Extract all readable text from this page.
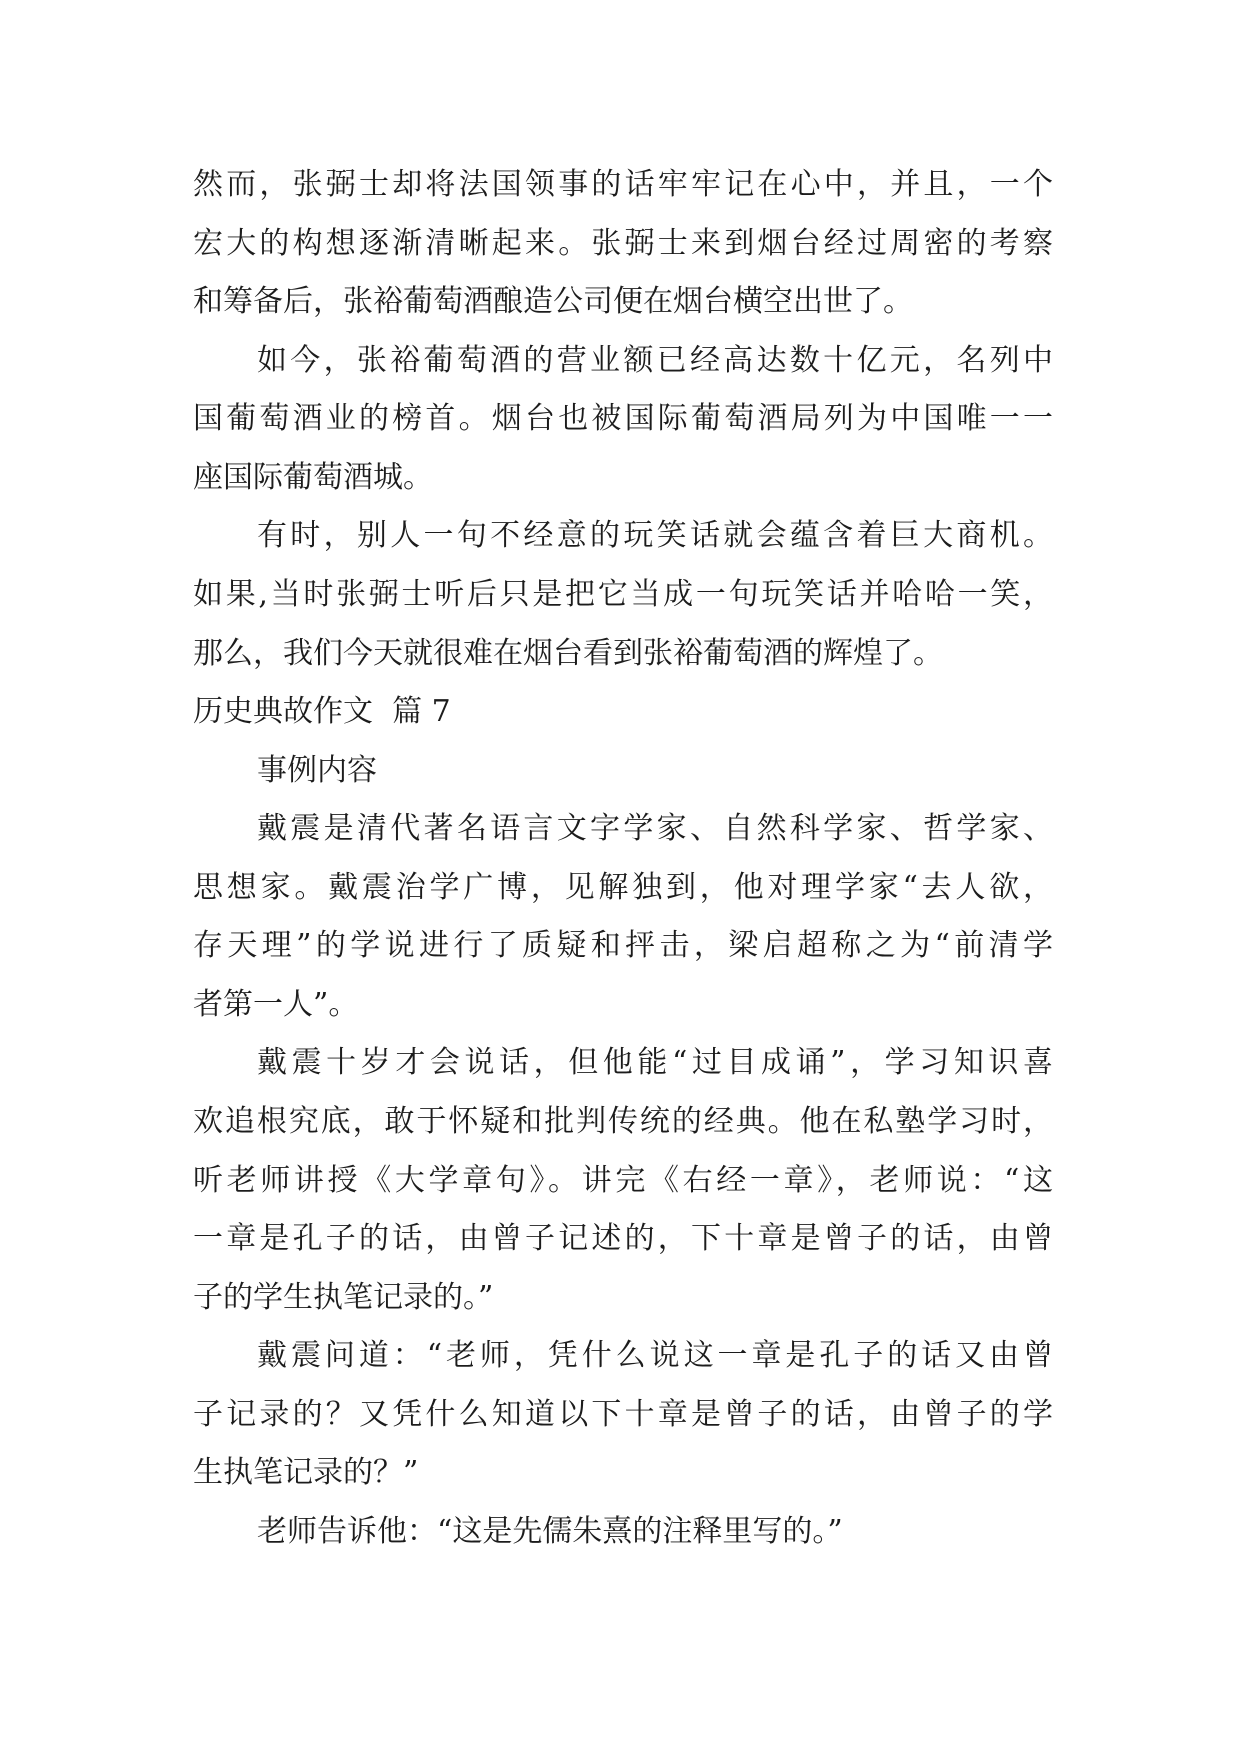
然而，张弼士却将法国领事的话牢牢记在心中，并且，一个
宏大的构想逐渐清晰起来。张弼士来到烟台经过周密的考察
和筹备后，张裕葡萄酒酿造公司便在烟台横空出世了。
如今，张裕葡萄酒的营业额已经高达数十亿元，名列中
国葡萄酒业的榜首。烟台也被国际葡萄酒局列为中国唯一一
座国际葡萄酒城。
有时，别人一句不经意的玩笑话就会蕴含着巨大商机。
如果,当时张弼士听后只是把它当成一句玩笑话并哈哈一笑，
那么，我们今天就很难在烟台看到张裕葡萄酒的辉煌了。
历史典故作文  篇 7
事例内容
戴震是清代著名语言文字学家、自然科学家、哲学家、
思想家。戴震治学广博，见解独到，他对理学家“去人欲，
存天理”的学说进行了质疑和抨击，梁启超称之为“前清学
者第一人”。
戴震十岁才会说话，但他能“过目成诵”，学习知识喜
欢追根究底，敢于怀疑和批判传统的经典。他在私塾学习时，
听老师讲授《大学章句》。讲完《右经一章》，老师说：“这
一章是孔子的话，由曾子记述的，下十章是曾子的话，由曾
子的学生执笔记录的。”
戴震问道：“老师，凭什么说这一章是孔子的话又由曾
子记录的？又凭什么知道以下十章是曾子的话，由曾子的学
生执笔记录的？”
老师告诉他：“这是先儒朱熹的注释里写的。”
